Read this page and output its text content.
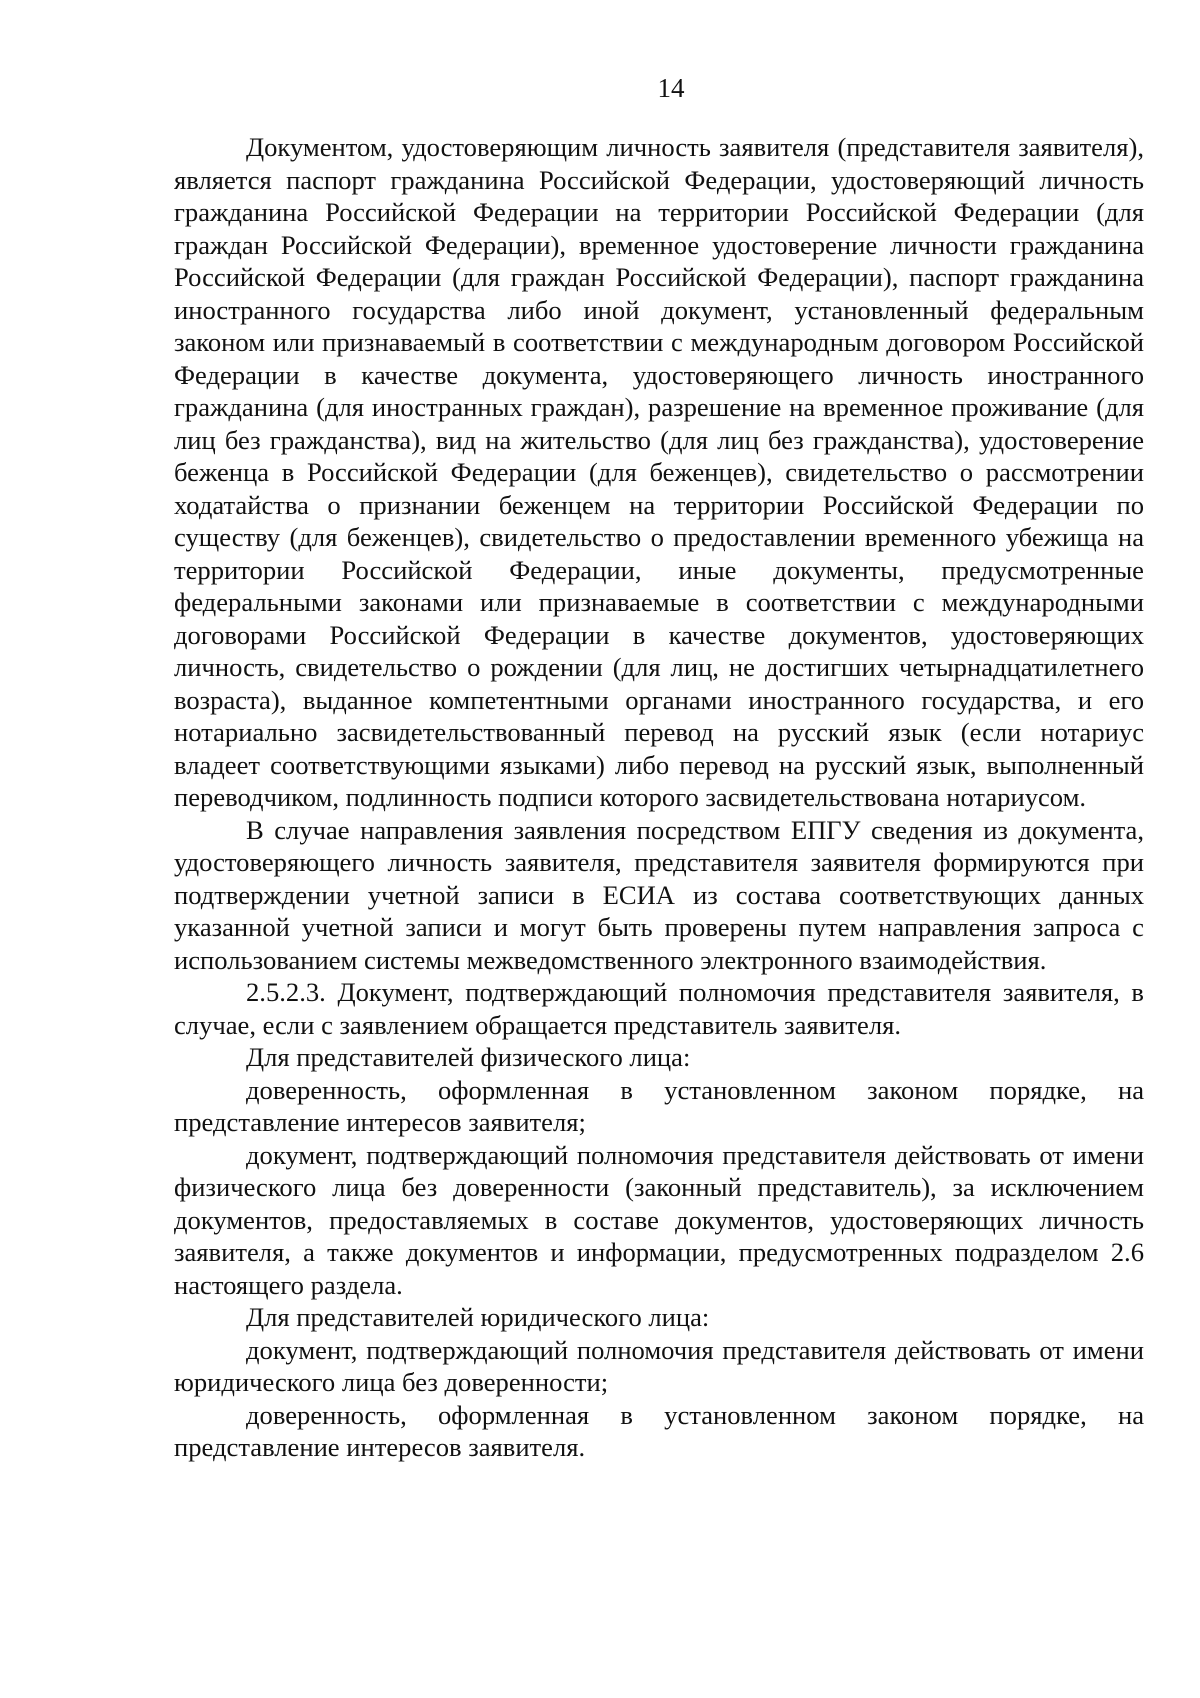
14

Документом, удостоверяющим личность заявителя (представителя заявителя), является паспорт гражданина Российской Федерации, удостоверяющий личность гражданина Российской Федерации на территории Российской Федерации (для граждан Российской Федерации), временное удостоверение личности гражданина Российской Федерации (для граждан Российской Федерации), паспорт гражданина иностранного государства либо иной документ, установленный федеральным законом или признаваемый в соответствии с международным договором Российской Федерации в качестве документа, удостоверяющего личность иностранного гражданина (для иностранных граждан), разрешение на временное проживание (для лиц без гражданства), вид на жительство (для лиц без гражданства), удостоверение беженца в Российской Федерации (для беженцев), свидетельство о рассмотрении ходатайства о признании беженцем на территории Российской Федерации по существу (для беженцев), свидетельство о предоставлении временного убежища на территории Российской Федерации, иные документы, предусмотренные федеральными законами или признаваемые в соответствии с международными договорами Российской Федерации в качестве документов, удостоверяющих личность, свидетельство о рождении (для лиц, не достигших четырнадцатилетнего возраста), выданное компетентными органами иностранного государства, и его нотариально засвидетельствованный перевод на русский язык (если нотариус владеет соответствующими языками) либо перевод на русский язык, выполненный переводчиком, подлинность подписи которого засвидетельствована нотариусом.

В случае направления заявления посредством ЕПГУ сведения из документа, удостоверяющего личность заявителя, представителя заявителя формируются при подтверждении учетной записи в ЕСИА из состава соответствующих данных указанной учетной записи и могут быть проверены путем направления запроса с использованием системы межведомственного электронного взаимодействия.

2.5.2.3. Документ, подтверждающий полномочия представителя заявителя, в случае, если с заявлением обращается представитель заявителя.

Для представителей физического лица:

доверенность, оформленная в установленном законом порядке, на представление интересов заявителя;

документ, подтверждающий полномочия представителя действовать от имени физического лица без доверенности (законный представитель), за исключением документов, предоставляемых в составе документов, удостоверяющих личность заявителя, а также документов и информации, предусмотренных подразделом 2.6 настоящего раздела.

Для представителей юридического лица:

документ, подтверждающий полномочия представителя действовать от имени юридического лица без доверенности;

доверенность, оформленная в установленном законом порядке, на представление интересов заявителя.
